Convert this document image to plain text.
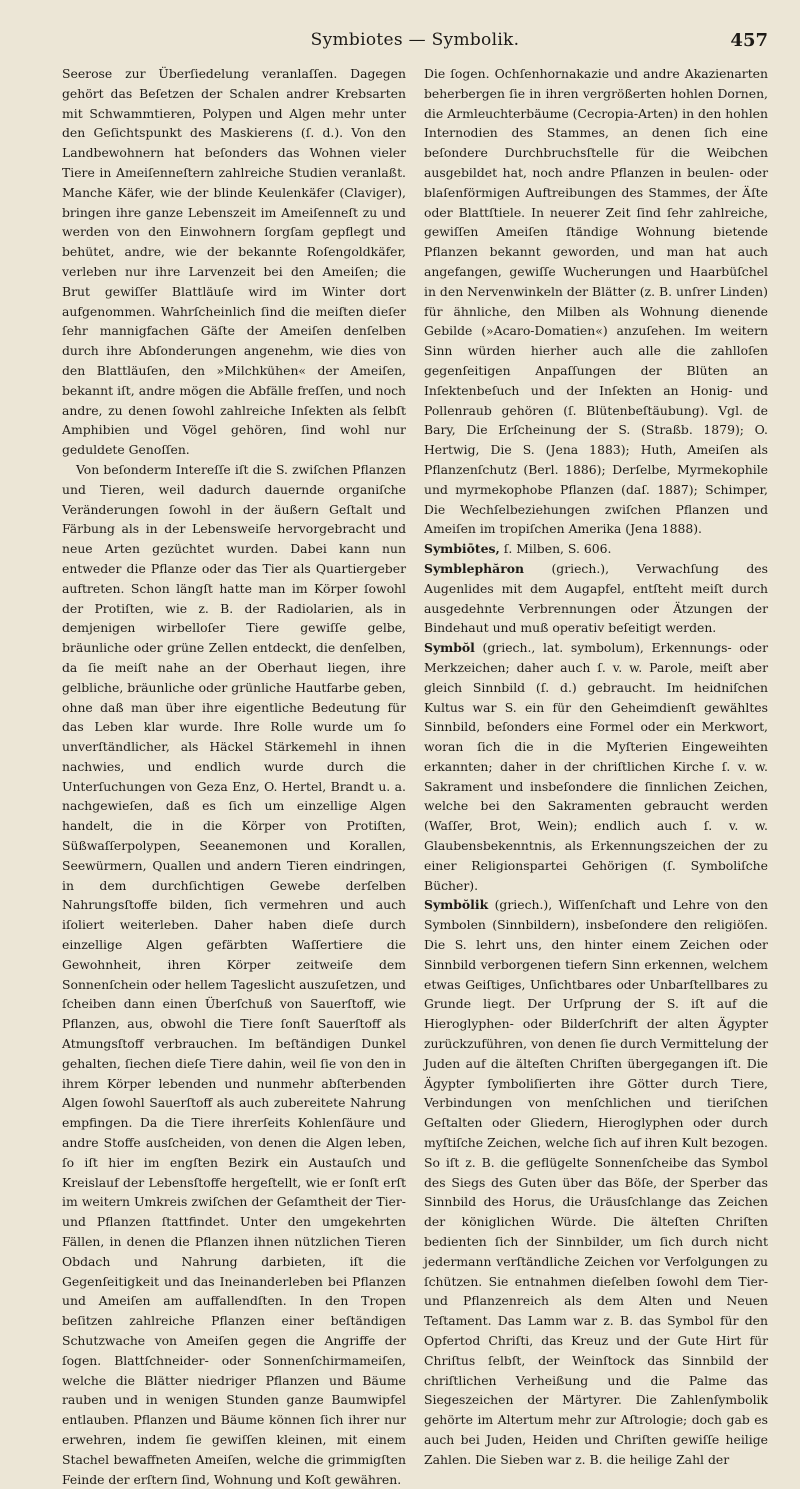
Symbiotes — Symbolik.	457

Seerose zur Überſiedelung veranlaſſen. Dagegen gehört das Beſetzen der Schalen andrer Krebsarten mit Schwammtieren, Polypen und Algen mehr unter den Geſichtspunkt des Maskierens (ſ. d.). Von den Landbewohnern hat beſonders das Wohnen vieler Tiere in Ameiſenneſtern zahlreiche Studien veranlaßt. Manche Käfer, wie der blinde Keulenkäfer (Claviger), bringen ihre ganze Lebenszeit im Ameiſenneſt zu und werden von den Einwohnern ſorgſam gepflegt und behütet, andre, wie der bekannte Roſengoldkäfer, verleben nur ihre Larvenzeit bei den Ameiſen; die Brut gewiſſer Blattläuſe wird im Winter dort aufgenommen. Wahrſcheinlich ſind die meiſten dieſer ſehr mannigfachen Gäſte der Ameiſen denſelben durch ihre Abſonderungen angenehm, wie dies von den Blattläuſen, den »Milchkühen« der Ameiſen, bekannt iſt, andre mögen die Abfälle freſſen, und noch andre, zu denen ſowohl zahlreiche Inſekten als ſelbſt Amphibien und Vögel gehören, ſind wohl nur geduldete Genoſſen.

Von beſonderm Intereſſe iſt die S. zwiſchen Pflanzen und Tieren, weil dadurch dauernde organiſche Veränderungen ſowohl in der äußern Geſtalt und Färbung als in der Lebensweiſe hervorgebracht und neue Arten gezüchtet wurden. Dabei kann nun entweder die Pflanze oder das Tier als Quartiergeber auftreten. Schon längſt hatte man im Körper ſowohl der Protiſten, wie z. B. der Radiolarien, als in demjenigen wirbelloſer Tiere gewiſſe gelbe, bräunliche oder grüne Zellen entdeckt, die denſelben, da ſie meiſt nahe an der Oberhaut liegen, ihre gelbliche, bräunliche oder grünliche Hautfarbe geben, ohne daß man über ihre eigentliche Bedeutung für das Leben klar wurde. Ihre Rolle wurde um ſo unverſtändlicher, als Häckel Stärkemehl in ihnen nachwies, und endlich wurde durch die Unterſuchungen von Geza Enz, O. Hertel, Brandt u. a. nachgewieſen, daß es ſich um einzellige Algen handelt, die in die Körper von Protiſten, Süßwaſſerpolypen, Seeanemonen und Korallen, Seewürmern, Quallen und andern Tieren eindringen, in dem durchſichtigen Gewebe derſelben Nahrungsſtoffe bilden, ſich vermehren und auch iſoliert weiterleben. Daher haben dieſe durch einzellige Algen gefärbten Waſſertiere die Gewohnheit, ihren Körper zeitweiſe dem Sonnenſchein oder hellem Tageslicht auszuſetzen, und ſcheiben dann einen Überſchuß von Sauerſtoff, wie Pflanzen, aus, obwohl die Tiere ſonſt Sauerſtoff als Atmungsſtoff verbrauchen. Im beſtändigen Dunkel gehalten, ſiechen dieſe Tiere dahin, weil ſie von den in ihrem Körper lebenden und nunmehr abſterbenden Algen ſowohl Sauerſtoff als auch zubereitete Nahrung empfingen. Da die Tiere ihrerſeits Kohlenſäure und andre Stoffe ausſcheiden, von denen die Algen leben, ſo iſt hier im engſten Bezirk ein Austauſch und Kreislauf der Lebensſtoffe hergeſtellt, wie er ſonſt erſt im weitern Umkreis zwiſchen der Geſamtheit der Tier- und Pflanzen ſtattfindet. Unter den umgekehrten Fällen, in denen die Pflanzen ihnen nützlichen Tieren Obdach und Nahrung darbieten, iſt die Gegenſeitigkeit und das Ineinanderleben bei Pflanzen und Ameiſen am auffallendſten. In den Tropen beſitzen zahlreiche Pflanzen einer beſtändigen Schutzwache von Ameiſen gegen die Angriffe der ſogen. Blattſchneider- oder Sonnenſchirmameiſen, welche die Blätter niedriger Pflanzen und Bäume rauben und in wenigen Stunden ganze Baumwipfel entlauben. Pflanzen und Bäume können ſich ihrer nur erwehren, indem ſie gewiſſen kleinen, mit einem Stachel bewaffneten Ameiſen, welche die grimmigſten Feinde der erſtern ſind, Wohnung und Koſt gewähren.

Die ſogen. Ochſenhornakazie und andre Akazienarten beherbergen ſie in ihren vergrößerten hohlen Dornen, die Armleuchterbäume (Cecropia-Arten) in den hohlen Internodien des Stammes, an denen ſich eine beſondere Durchbruchsſtelle für die Weibchen ausgebildet hat, noch andre Pflanzen in beulen- oder blaſenförmigen Auftreibungen des Stammes, der Äſte oder Blattſtiele. In neuerer Zeit ſind ſehr zahlreiche, gewiſſen Ameiſen ſtändige Wohnung bietende Pflanzen bekannt geworden, und man hat auch angefangen, gewiſſe Wucherungen und Haarbüſchel in den Nervenwinkeln der Blätter (z. B. unſrer Linden) für ähnliche, den Milben als Wohnung dienende Gebilde (»Acaro-Domatien«) anzuſehen. Im weitern Sinn würden hierher auch alle die zahlloſen gegenſeitigen Anpaſſungen der Blüten an Inſektenbeſuch und der Inſekten an Honig- und Pollenraub gehören (ſ. Blütenbeſtäubung). Vgl. de Bary, Die Erſcheinung der S. (Straßb. 1879); O. Hertwig, Die S. (Jena 1883); Huth, Ameiſen als Pflanzenſchutz (Berl. 1886); Derſelbe, Myrmekophile und myrmekophobe Pflanzen (daſ. 1887); Schimper, Die Wechſelbeziehungen zwiſchen Pflanzen und Ameiſen im tropiſchen Amerika (Jena 1888).

Symbiōtes, ſ. Milben, S. 606.

Symblephăron (griech.), Verwachſung des Augenlides mit dem Augapfel, entſteht meiſt durch ausgedehnte Verbrennungen oder Ätzungen der Bindehaut und muß operativ beſeitigt werden.

Symbŏl (griech., lat. symbolum), Erkennungs- oder Merkzeichen; daher auch ſ. v. w. Parole, meiſt aber gleich Sinnbild (ſ. d.) gebraucht. Im heidniſchen Kultus war S. ein für den Geheimdienſt gewähltes Sinnbild, beſonders eine Formel oder ein Merkwort, woran ſich die in die Myſterien Eingeweihten erkannten; daher in der chriſtlichen Kirche ſ. v. w. Sakrament und insbeſondere die ſinnlichen Zeichen, welche bei den Sakramenten gebraucht werden (Waſſer, Brot, Wein); endlich auch ſ. v. w. Glaubensbekenntnis, als Erkennungszeichen der zu einer Religionspartei Gehörigen (ſ. Symboliſche Bücher).

Symbŏlik (griech.), Wiſſenſchaft und Lehre von den Symbolen (Sinnbildern), insbeſondere den religiöſen. Die S. lehrt uns, den hinter einem Zeichen oder Sinnbild verborgenen tiefern Sinn erkennen, welchem etwas Geiſtiges, Unſichtbares oder Unbarſtellbares zu Grunde liegt. Der Urſprung der S. iſt auf die Hieroglyphen- oder Bilderſchrift der alten Ägypter zurückzuführen, von denen ſie durch Vermittelung der Juden auf die älteſten Chriſten übergegangen iſt. Die Ägypter ſymboliſierten ihre Götter durch Tiere, Verbindungen von menſchlichen und tieriſchen Geſtalten oder Gliedern, Hieroglyphen oder durch myſtiſche Zeichen, welche ſich auf ihren Kult bezogen. So iſt z. B. die geflügelte Sonnenſcheibe das Symbol des Siegs des Guten über das Böſe, der Sperber das Sinnbild des Horus, die Uräusſchlange das Zeichen der königlichen Würde. Die älteſten Chriſten bedienten ſich der Sinnbilder, um ſich durch nicht jedermann verſtändliche Zeichen vor Verfolgungen zu ſchützen. Sie entnahmen dieſelben ſowohl dem Tier- und Pflanzenreich als dem Alten und Neuen Teſtament. Das Lamm war z. B. das Symbol für den Opfertod Chriſti, das Kreuz und der Gute Hirt für Chriſtus ſelbſt, der Weinſtock das Sinnbild der chriſtlichen Verheißung und die Palme das Siegeszeichen der Märtyrer. Die Zahlenſymbolik gehörte im Altertum mehr zur Aſtrologie; doch gab es auch bei Juden, Heiden und Chriſten gewiſſe heilige Zahlen. Die Sieben war z. B. die heilige Zahl der
